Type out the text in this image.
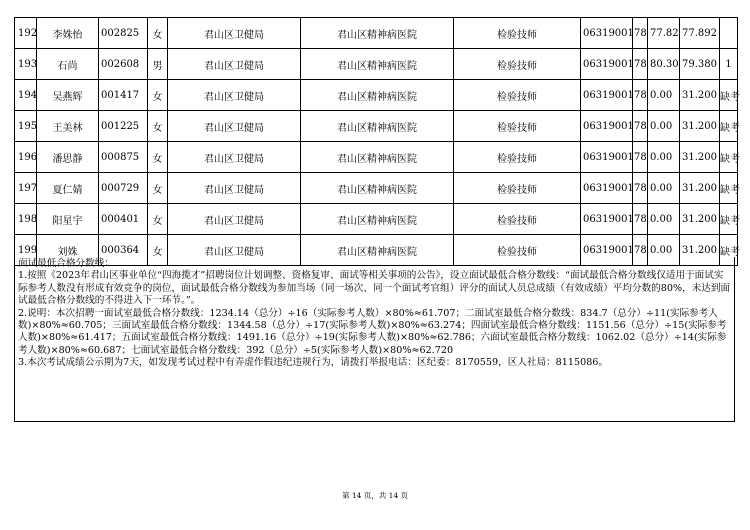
192	李姝怡	002825	女	君山区卫健局	君山区精神病医院	检验技师	06319001	78	77.82	77.892	
193	石尚	002608	男	君山区卫健局	君山区精神病医院	检验技师	06319001	78	80.30	79.380	1
194	吴燕辉	001417	女	君山区卫健局	君山区精神病医院	检验技师	06319001	78	0.00	31.200	缺考
195	王美林	001225	女	君山区卫健局	君山区精神病医院	检验技师	06319001	78	0.00	31.200	缺考
196	潘思静	000875	女	君山区卫健局	君山区精神病医院	检验技师	06319001	78	0.00	31.200	缺考
197	夏仁婧	000729	女	君山区卫健局	君山区精神病医院	检验技师	06319001	78	0.00	31.200	缺考
198	阳星宇	000401	女	君山区卫健局	君山区精神病医院	检验技师	06319001	78	0.00	31.200	缺考
199	刘姝	000364	女	君山区卫健局	君山区精神病医院	检验技师	06319001	78	0.00	31.200	缺考

面试最低合格分数线：

1.按照《2023年君山区事业单位“四海揽才”招聘岗位计划调整、资格复审、面试等相关事项的公告》，设立面试最低合格分数线：“面试最低合格分数线仅适用于面试实际参考人数没有形成有效竞争的岗位，面试最低合格分数线为参加当场（同一场次、同一个面试考官组）评分的面试人员总成绩（有效成绩）平均分数的80%，未达到面试最低合格分数线的不得进入下一环节。”。

2.说明：本次招聘一面试室最低合格分数线：1234.14（总分）÷16（实际参考人数）×80%≈61.707；二面试室最低合格分数线：834.7（总分）÷11(实际参考人数)×80%≈60.705；三面试室最低合格分数线：1344.58（总分）÷17(实际参考人数)×80%≈63.274；四面试室最低合格分数线：1151.56（总分）÷15(实际参考人数)×80%≈61.417；五面试室最低合格分数线：1491.16（总分）÷19(实际参考人数)×80%≈62.786；六面试室最低合格分数线：1062.02（总分）÷14(实际参考人数)×80%≈60.687；七面试室最低合格分数线：392（总分）÷5(实际参考人数)×80%≈62.720

3.本次考试成绩公示期为7天，如发现考试过程中有弄虚作假违纪违规行为，请拨打举报电话：区纪委：8170559，区人社局：8115086。

第 14 页，共 14 页
